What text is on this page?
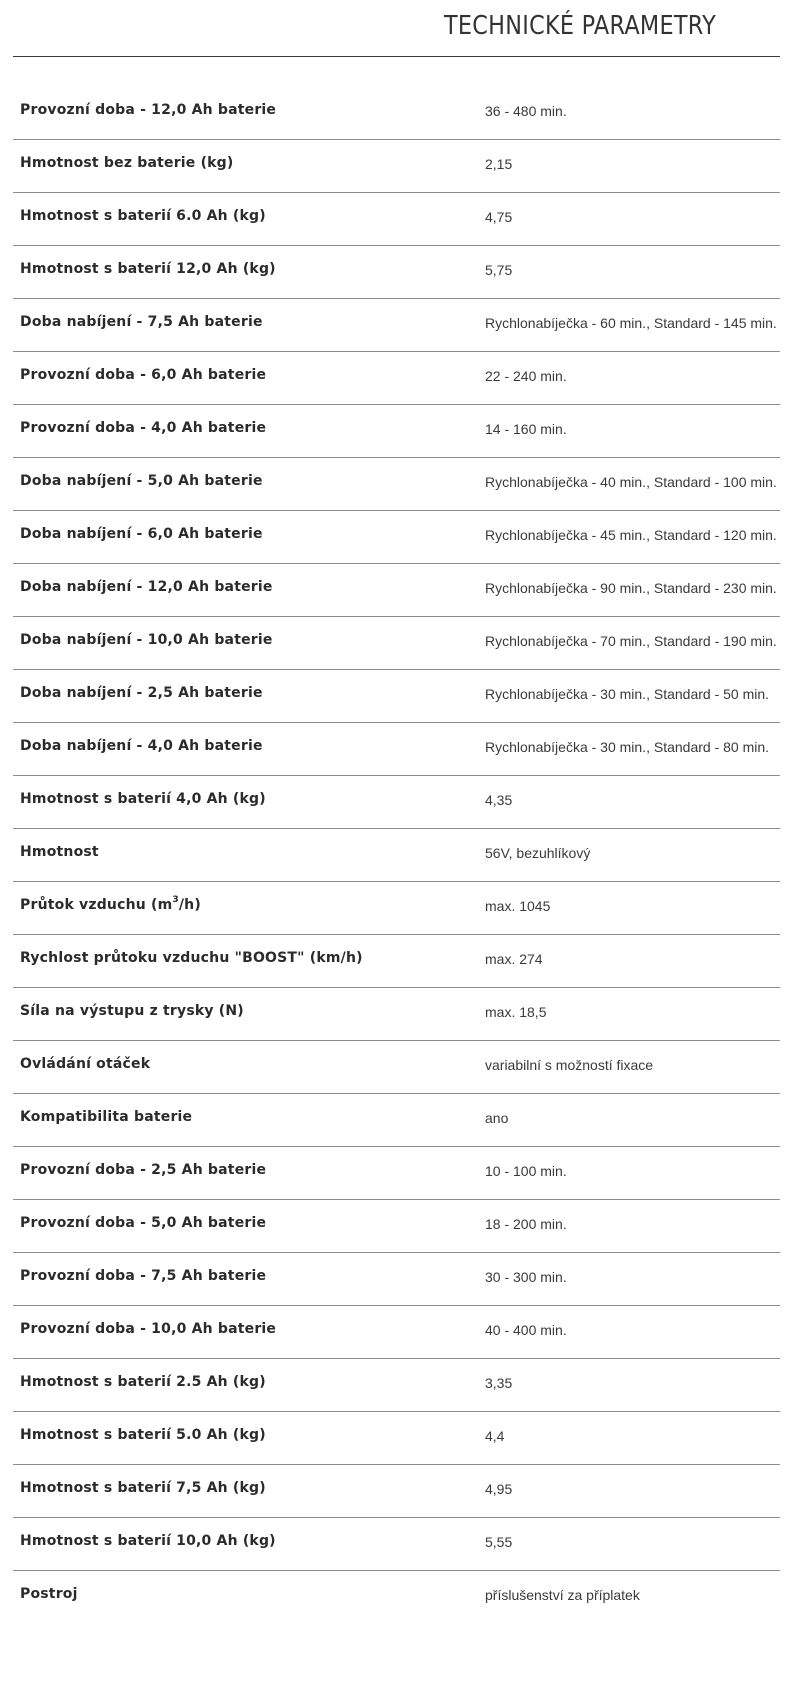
TECHNICKÉ PARAMETRY
Provozní doba - 12,0 Ah baterie	36 - 480 min.
Hmotnost bez baterie (kg)	2,15
Hmotnost s baterií 6.0 Ah (kg)	4,75
Hmotnost s baterií 12,0 Ah (kg)	5,75
Doba nabíjení - 7,5 Ah baterie	Rychlonabíječka - 60 min., Standard - 145 min.
Provozní doba - 6,0 Ah baterie	22 - 240 min.
Provozní doba - 4,0 Ah baterie	14 - 160 min.
Doba nabíjení - 5,0 Ah baterie	Rychlonabíječka - 40 min., Standard - 100 min.
Doba nabíjení - 6,0 Ah baterie	Rychlonabíječka - 45 min., Standard - 120 min.
Doba nabíjení - 12,0 Ah baterie	Rychlonabíječka - 90 min., Standard - 230 min.
Doba nabíjení - 10,0 Ah baterie	Rychlonabíječka - 70 min., Standard - 190 min.
Doba nabíjení - 2,5 Ah baterie	Rychlonabíječka - 30 min., Standard - 50 min.
Doba nabíjení - 4,0 Ah baterie	Rychlonabíječka - 30 min., Standard - 80 min.
Hmotnost s baterií 4,0 Ah (kg)	4,35
Hmotnost	56V, bezuhlíkový
Průtok vzduchu $(m^3/h)$	max. 1045
Rychlost průtoku vzduchu "BOOST" (km/h)	max. 274
Síla na výstupu z trysky (N)	max. 18,5
Ovládání otáček	variabilní s možností fixace
Kompatibilita baterie	ano
Provozní doba - 2,5 Ah baterie	10 - 100 min.
Provozní doba - 5,0 Ah baterie	18 - 200 min.
Provozní doba - 7,5 Ah baterie	30 - 300 min.
Provozní doba - 10,0 Ah baterie	40 - 400 min.
Hmotnost s baterií 2.5 Ah (kg)	3,35
Hmotnost s baterií 5.0 Ah (kg)	4,4
Hmotnost s baterií 7,5 Ah (kg)	4,95
Hmotnost s baterií 10,0 Ah (kg)	5,55
Postroj	příslušenství za příplatek
